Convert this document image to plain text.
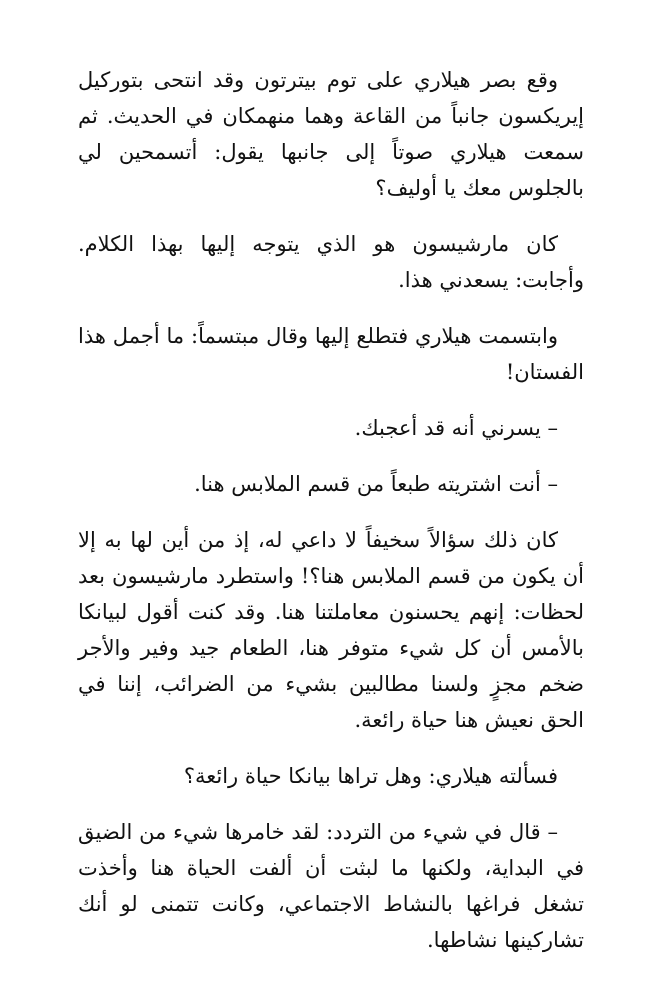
وقع بصر هيلاري على توم بيترتون وقد انتحى بتوركيل إيريكسون جانباً من القاعة وهما منهمكان في الحديث. ثم سمعت هيلاري صوتاً إلى جانبها يقول: أتسمحين لي بالجلوس معك يا أوليف؟

كان مارشيسون هو الذي يتوجه إليها بهذا الكلام. وأجابت: يسعدني هذا.

وابتسمت هيلاري فتطلع إليها وقال مبتسماً: ما أجمل هذا الفستان!

– يسرني أنه قد أعجبك.

– أنت اشتريته طبعاً من قسم الملابس هنا.

كان ذلك سؤالاً سخيفاً لا داعي له، إذ من أين لها به إلا أن يكون من قسم الملابس هنا؟! واستطرد مارشيسون بعد لحظات: إنهم يحسنون معاملتنا هنا. وقد كنت أقول لبيانكا بالأمس أن كل شيء متوفر هنا، الطعام جيد وفير والأجر ضخم مجزٍ ولسنا مطالبين بشيء من الضرائب، إننا في الحق نعيش هنا حياة رائعة.

فسألته هيلاري: وهل تراها بيانكا حياة رائعة؟

– قال في شيء من التردد: لقد خامرها شيء من الضيق في البداية، ولكنها ما لبثت أن ألفت الحياة هنا وأخذت تشغل فراغها بالنشاط الاجتماعي، وكانت تتمنى لو أنك تشاركينها نشاطها.
